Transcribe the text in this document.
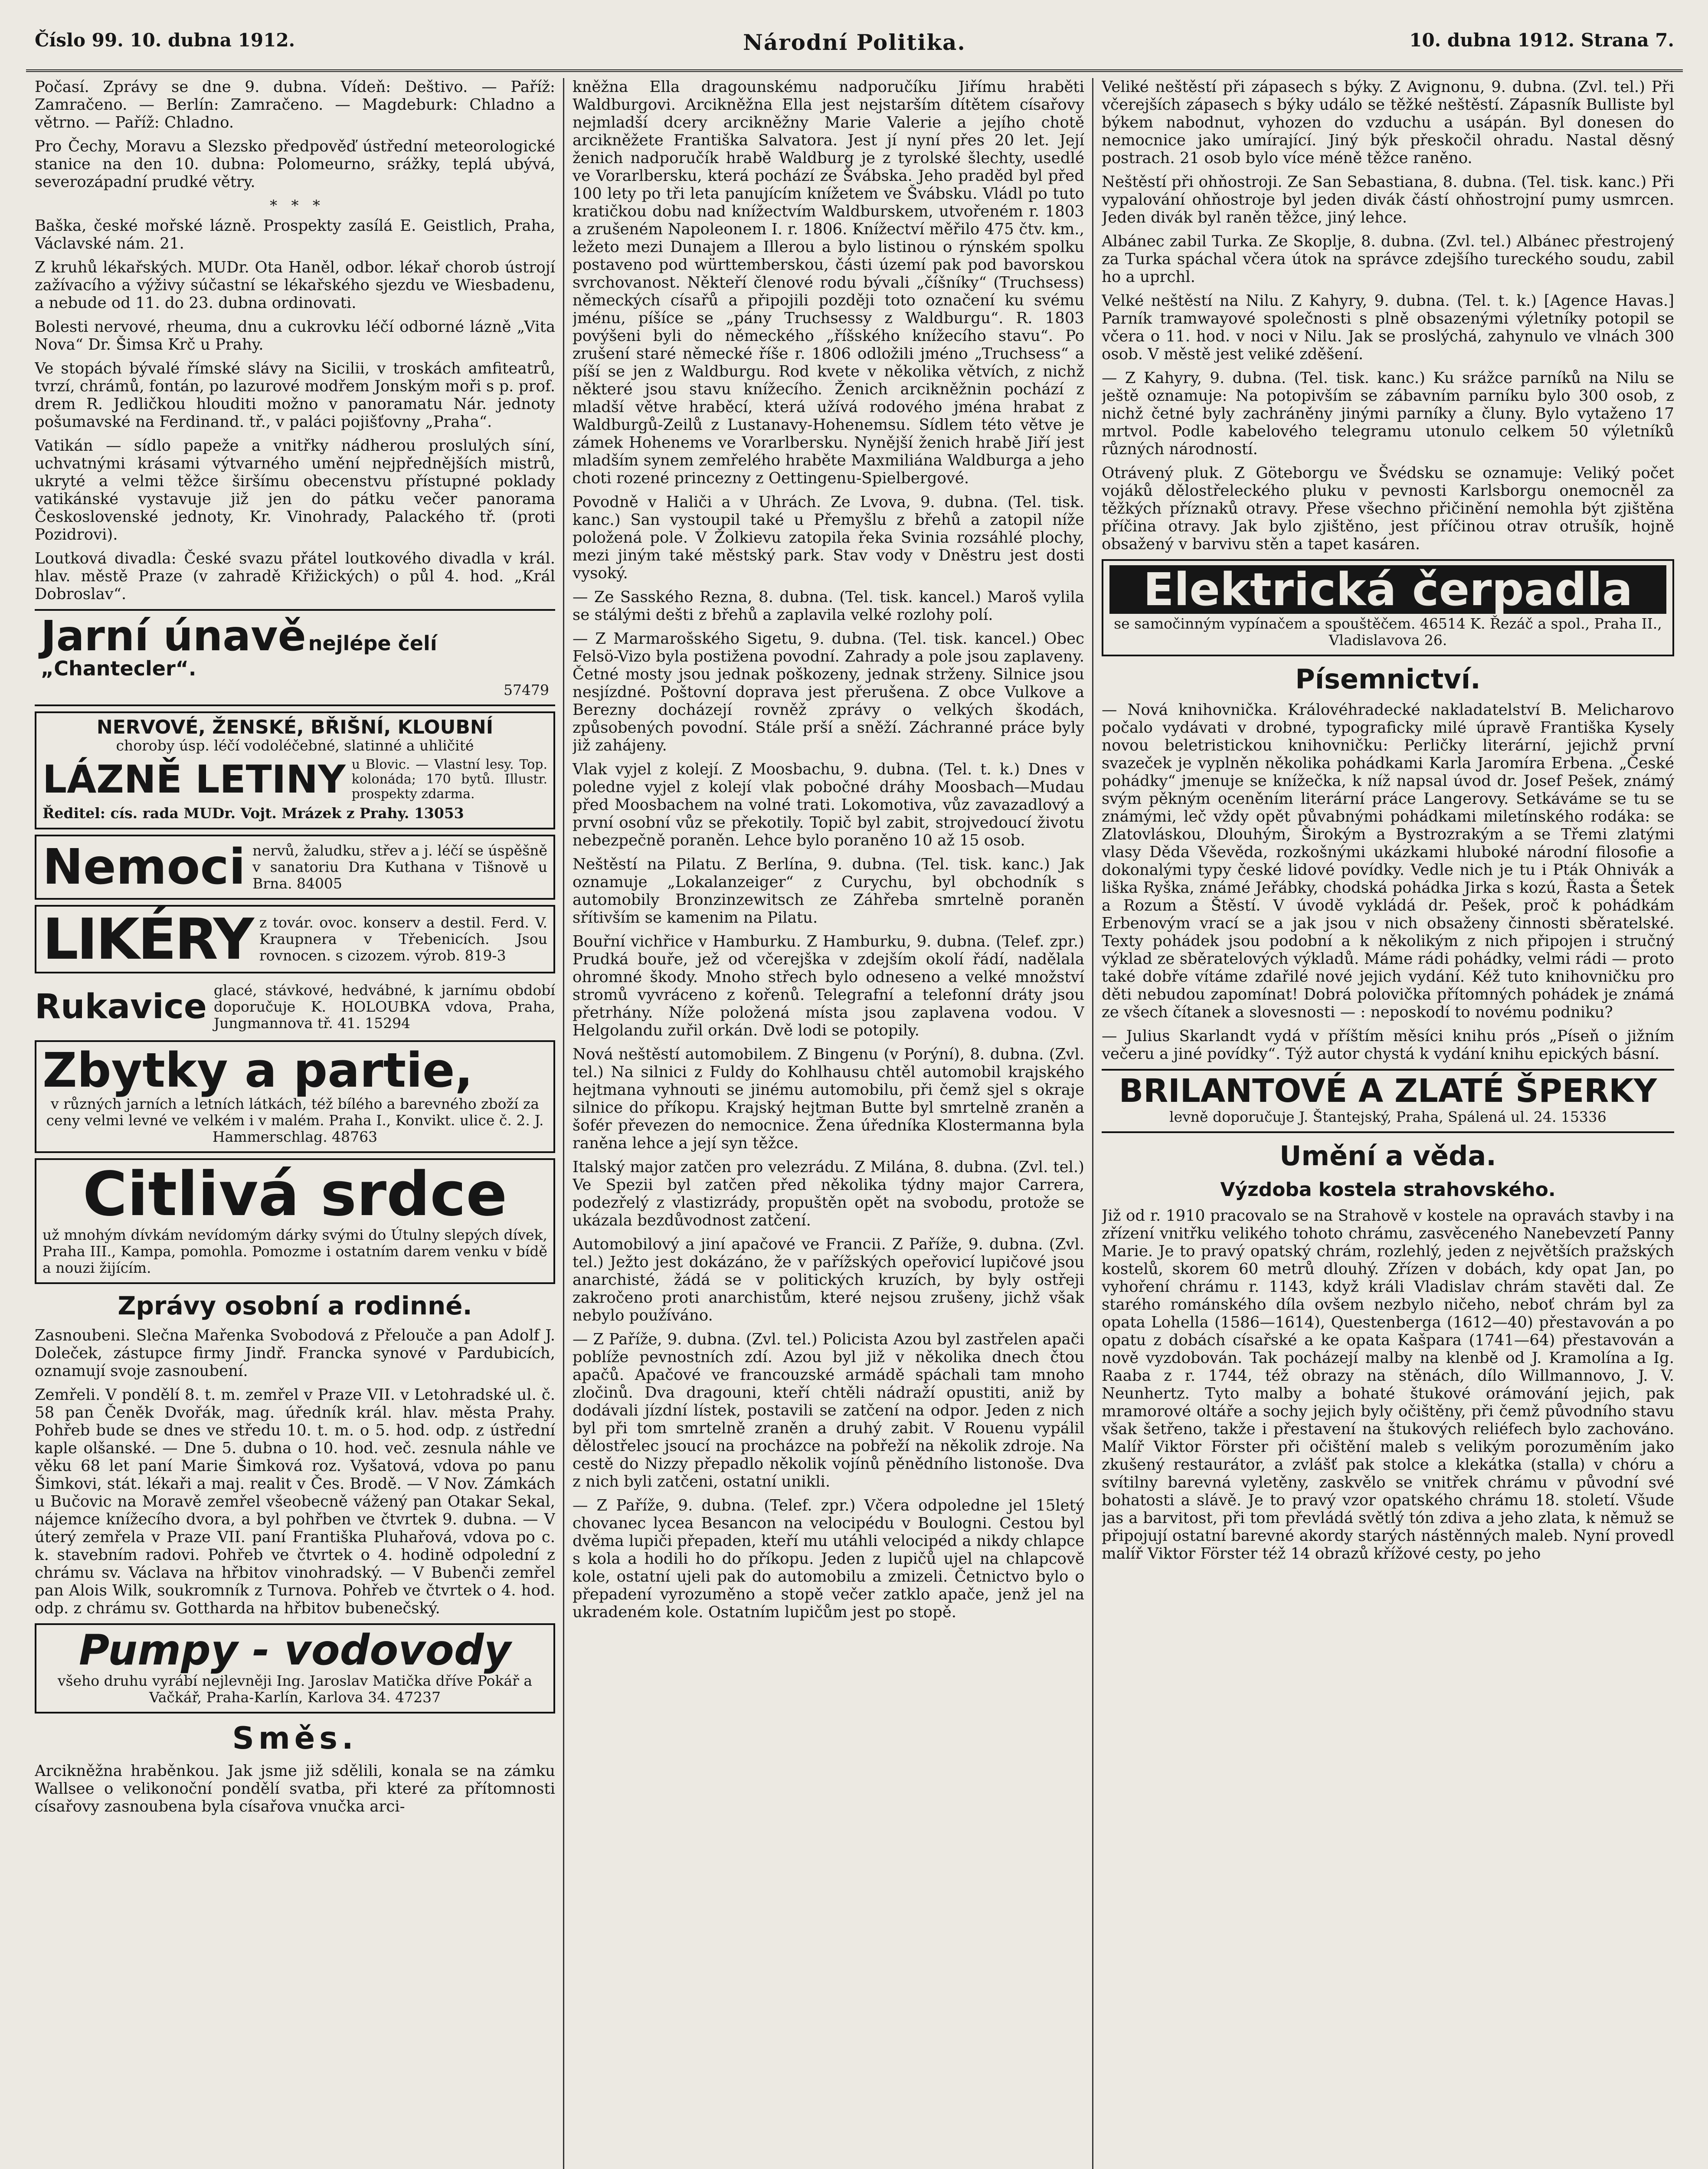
Číslo 99. 10. dubna 1912.	Národní Politika.	10. dubna 1912. Strana 7.

Počasí. Zprávy se dne 9. dubna. Vídeň: Deštivo. — Paříž: Zamračeno. — Berlín: Zamračeno. — Magdeburk: Chladno a větrno. — Paříž: Chladno.

Pro Čechy, Moravu a Slezsko předpověď ústřední meteorologické stanice na den 10. dubna: Polomeurno, srážky, teplá ubývá, severozápadní prudké větry.

*   *   *

Baška, české mořské lázně. Prospekty zasílá E. Geistlich, Praha, Václavské nám. 21.

Z kruhů lékařských. MUDr. Ota Haněl, odbor. lékař chorob ústrojí zažívacího a výživy súčastní se lékařského sjezdu ve Wiesbadenu, a nebude od 11. do 23. dubna ordinovati.

Bolesti nervové, rheuma, dnu a cukrovku léčí odborné lázně „Vita Nova“ Dr. Šimsa Krč u Prahy.

Ve stopách bývalé římské slávy na Sicilii, v troskách amfiteatrů, tvrzí, chrámů, fontán, po lazurové modřem Jonským moři s p. prof. drem R. Jedličkou hlouditi možno v panoramatu Nár. jednoty pošumavské na Ferdinand. tř., v paláci pojišťovny „Praha“.

Vatikán — sídlo papeže a vnitřky nádherou proslulých síní, uchvatnými krásami výtvarného umění nejpřednějších mistrů, ukryté a velmi těžce širšímu obecenstvu přístupné poklady vatikánské vystavuje již jen do pátku večer panorama Československé jednoty, Kr. Vinohrady, Palackého tř. (proti Pozidrovi).

Loutková divadla: České svazu přátel loutkového divadla v král. hlav. městě Praze (v zahradě Křižických) o půl 4. hod. „Král Dobroslav“.

Jarní únavě nejlépe čelí „Chantecler“.

57479

NERVOVÉ, ŽENSKÉ, BŘIŠNÍ, KLOUBNÍ

choroby úsp. léčí vodoléčebné, slatinné a uhličité

LÁZNĚ LETINY u Blovic. — Vlastní lesy. Top. kolonáda; 170 bytů. Illustr. prospekty zdarma.

Ředitel: cís. rada MUDr. Vojt. Mrázek z Prahy. 13053

Nemoci nervů, žaludku, střev a j. léčí se úspěšně v sanatoriu Dra Kuthana v Tišnově u Brna. 84005

LIKÉRY z továr. ovoc. konserv a destil. Ferd. V. Kraupnera v Třebenicích. Jsou rovnocen. s cizozem. výrob. 819-3

Rukavice glacé, stávkové, hedvábné, k jarnímu období doporučuje K. HOLOUBKA vdova, Praha, Jungmannova tř. 41. 15294

Zbytky a partie,

v různých jarních a letních látkách, též bílého a barevného zboží za ceny velmi levné ve velkém i v malém. Praha I., Konvikt. ulice č. 2. J. Hammerschlag. 48763

Citlivá srdce

už mnohým dívkám nevídomým dárky svými do Útulny slepých dívek, Praha III., Kampa, pomohla. Pomozme i ostatním darem venku v bídě a nouzi žijícím.

Zprávy osobní a rodinné.

Zasnoubeni. Slečna Mařenka Svobodová z Přelouče a pan Adolf J. Doleček, zástupce firmy Jindř. Francka synové v Pardubicích, oznamují svoje zasnoubení.

Zemřeli. V pondělí 8. t. m. zemřel v Praze VII. v Letohradské ul. č. 58 pan Čeněk Dvořák, mag. úředník král. hlav. města Prahy. Pohřeb bude se dnes ve středu 10. t. m. o 5. hod. odp. z ústřední kaple olšanské. — Dne 5. dubna o 10. hod. več. zesnula náhle ve věku 68 let paní Marie Šimková roz. Vyšatová, vdova po panu Šimkovi, stát. lékaři a maj. realit v Čes. Brodě. — V Nov. Zámkách u Bučovic na Moravě zemřel všeobecně vážený pan Otakar Sekal, nájemce knížecího dvora, a byl pohřben ve čtvrtek 9. dubna. — V úterý zemřela v Praze VII. paní Františka Pluhařová, vdova po c. k. stavebním radovi. Pohřeb ve čtvrtek o 4. hodině odpolední z chrámu sv. Václava na hřbitov vinohradský. — V Bubenči zemřel pan Alois Wilk, soukromník z Turnova. Pohřeb ve čtvrtek o 4. hod. odp. z chrámu sv. Gottharda na hřbitov bubenečský.

Pumpy - vodovody

všeho druhu vyrábí nejlevněji Ing. Jaroslav Matička dříve Pokář a Vačkář, Praha-Karlín, Karlova 34. 47237

Směs.

Arcikněžna hraběnkou. Jak jsme již sdělili, konala se na zámku Wallsee o velikonoční pondělí svatba, při které za přítomnosti císařovy zasnoubena byla císařova vnučka arci-

kněžna Ella dragounskému nadporučíku Jiřímu hraběti Waldburgovi. Arcikněžna Ella jest nejstarším dítětem císařovy nejmladší dcery arcikněžny Marie Valerie a jejího chotě arcikněžete Františka Salvatora. Jest jí nyní přes 20 let. Její ženich nadporučík hrabě Waldburg je z tyrolské šlechty, usedlé ve Vorarlbersku, která pochází ze Švábska. Jeho praděd byl před 100 lety po tři leta panujícím knížetem ve Švábsku. Vládl po tuto kratičkou dobu nad knížectvím Waldburskem, utvořeném r. 1803 a zrušeném Napoleonem I. r. 1806. Knížectví měřilo 475 čtv. km., ležeto mezi Dunajem a Illerou a bylo listinou o rýnském spolku postaveno pod württemberskou, části území pak pod bavorskou svrchovanost. Někteří členové rodu bývali „číšníky“ (Truchsess) německých císařů a připojili později toto označení ku svému jménu, píšíce se „pány Truchsessy z Waldburgu“. R. 1803 povýšeni byli do německého „říšského knížecího stavu“. Po zrušení staré německé říše r. 1806 odložili jméno „Truchsess“ a píší se jen z Waldburgu. Rod kvete v několika větvích, z nichž některé jsou stavu knížecího. Ženich arcikněžnin pochází z mladší větve hraběcí, která užívá rodového jména hrabat z Waldburgů-Zeilů z Lustanavy-Hohenemsu. Sídlem této větve je zámek Hohenems ve Vorarlbersku. Nynější ženich hrabě Jiří jest mladším synem zemřelého hraběte Maxmiliána Waldburga a jeho choti rozené princezny z Oettingenu-Spielbergové.

Povodně v Haliči a v Uhrách. Ze Lvova, 9. dubna. (Tel. tisk. kanc.) San vystoupil také u Přemyšlu z břehů a zatopil níže položená pole. V Žolkievu zatopila řeka Svinia rozsáhlé plochy, mezi jiným také městský park. Stav vody v Dněstru jest dosti vysoký.

— Ze Sasského Rezna, 8. dubna. (Tel. tisk. kancel.) Maroš vylila se stálými dešti z břehů a zaplavila velké rozlohy polí.

— Z Marmarošského Sigetu, 9. dubna. (Tel. tisk. kancel.) Obec Felsö-Vizo byla postižena povodní. Zahrady a pole jsou zaplaveny. Četné mosty jsou jednak poškozeny, jednak strženy. Silnice jsou nesjízdné. Poštovní doprava jest přerušena. Z obce Vulkove a Berezny docházejí rovněž zprávy o velkých škodách, způsobených povodní. Stále prší a sněží. Záchranné práce byly již zahájeny.

Vlak vyjel z kolejí. Z Moosbachu, 9. dubna. (Tel. t. k.) Dnes v poledne vyjel z kolejí vlak pobočné dráhy Moosbach—Mudau před Moosbachem na volné trati. Lokomotiva, vůz zavazadlový a první osobní vůz se překotily. Topič byl zabit, strojvedoucí životu nebezpečně poraněn. Lehce bylo poraněno 10 až 15 osob.

Neštěstí na Pilatu. Z Berlína, 9. dubna. (Tel. tisk. kanc.) Jak oznamuje „Lokalanzeiger“ z Curychu, byl obchodník s automobily Bronzinzewitsch ze Záhřeba smrtelně poraněn sřítivším se kamenim na Pilatu.

Bouřní vichřice v Hamburku. Z Hamburku, 9. dubna. (Telef. zpr.) Prudká bouře, jež od včerejška v zdejším okolí řádí, nadělala ohromné škody. Mnoho střech bylo odneseno a velké množství stromů vyvráceno z kořenů. Telegrafní a telefonní dráty jsou přetrhány. Níže položená místa jsou zaplavena vodou. V Helgolandu zuřil orkán. Dvě lodi se potopily.

Nová neštěstí automobilem. Z Bingenu (v Porýní), 8. dubna. (Zvl. tel.) Na silnici z Fuldy do Kohlhausu chtěl automobil krajského hejtmana vyhnouti se jinému automobilu, při čemž sjel s okraje silnice do příkopu. Krajský hejtman Butte byl smrtelně zraněn a šofér převezen do nemocnice. Žena úředníka Klostermanna byla raněna lehce a její syn těžce.

Italský major zatčen pro velezrádu. Z Milána, 8. dubna. (Zvl. tel.) Ve Spezii byl zatčen před několika týdny major Carrera, podezřelý z vlastizrády, propuštěn opět na svobodu, protože se ukázala bezdůvodnost zatčení.

Automobilový a jiní apačové ve Francii. Z Paříže, 9. dubna. (Zvl. tel.) Ježto jest dokázáno, že v pařížských opeřovicí lupičové jsou anarchisté, žádá se v politických kruzích, by byly ostřeji zakročeno proti anarchistům, které nejsou zrušeny, jichž však nebylo používáno.

— Z Paříže, 9. dubna. (Zvl. tel.) Policista Azou byl zastřelen apači poblíže pevnostních zdí. Azou byl již v několika dnech čtou apačů. Apačové ve francouzské armádě spáchali tam mnoho zločinů. Dva dragouni, kteří chtěli nádraží opustiti, aniž by dodávali jízdní lístek, postavili se zatčení na odpor. Jeden z nich byl při tom smrtelně zraněn a druhý zabit. V Rouenu vypálil dělostřelec jsoucí na procházce na pobřeží na několik zdroje. Na cestě do Nizzy přepadlo několik vojínů pěnědního listonoše. Dva z nich byli zatčeni, ostatní unikli.

— Z Paříže, 9. dubna. (Telef. zpr.) Včera odpoledne jel 15letý chovanec lycea Besancon na velocipédu v Boulogni. Cestou byl dvěma lupiči přepaden, kteří mu utáhli velocipéd a nikdy chlapce s kola a hodili ho do příkopu. Jeden z lupičů ujel na chlapcově kole, ostatní ujeli pak do automobilu a zmizeli. Četnictvo bylo o přepadení vyrozuměno a stopě večer zatklo apače, jenž jel na ukradeném kole. Ostatním lupičům jest po stopě.

Veliké neštěstí při zápasech s býky. Z Avignonu, 9. dubna. (Zvl. tel.) Při včerejších zápasech s býky událo se těžké neštěstí. Zápasník Bulliste byl býkem nabodnut, vyhozen do vzduchu a usápán. Byl donesen do nemocnice jako umírající. Jiný býk přeskočil ohradu. Nastal děsný postrach. 21 osob bylo více méně těžce raněno.

Neštěstí při ohňostroji. Ze San Sebastiana, 8. dubna. (Tel. tisk. kanc.) Při vypalování ohňostroje byl jeden divák částí ohňostrojní pumy usmrcen. Jeden divák byl raněn těžce, jiný lehce.

Albánec zabil Turka. Ze Skoplje, 8. dubna. (Zvl. tel.) Albánec přestrojený za Turka spáchal včera útok na správce zdejšího tureckého soudu, zabil ho a uprchl.

Velké neštěstí na Nilu. Z Kahyry, 9. dubna. (Tel. t. k.) [Agence Havas.] Parník tramwayové společnosti s plně obsazenými výletníky potopil se včera o 11. hod. v noci v Nilu. Jak se proslýchá, zahynulo ve vlnách 300 osob. V městě jest veliké zděšení.

— Z Kahyry, 9. dubna. (Tel. tisk. kanc.) Ku srážce parníků na Nilu se ještě oznamuje: Na potopivším se zábavním parníku bylo 300 osob, z nichž četné byly zachráněny jinými parníky a čluny. Bylo vytaženo 17 mrtvol. Podle kabelového telegramu utonulo celkem 50 výletníků různých národností.

Otrávený pluk. Z Göteborgu ve Švédsku se oznamuje: Veliký počet vojáků dělostřeleckého pluku v pevnosti Karlsborgu onemocněl za těžkých příznaků otravy. Přese všechno přičinění nemohla být zjištěna příčina otravy. Jak bylo zjištěno, jest příčinou otrav otrušík, hojně obsažený v barvivu stěn a tapet kasáren.

Elektrická čerpadla

se samočinným vypínačem a spouštěčem. 46514 K. Řezáč a spol., Praha II., Vladislavova 26.

Písemnictví.

— Nová knihovnička. Královéhradecké nakladatelství B. Melicharovo počalo vydávati v drobné, typograficky milé úpravě Františka Kysely novou beletristickou knihovničku: Perličky literární, jejichž první svazeček je vyplněn několika pohádkami Karla Jaromíra Erbena. „České pohádky“ jmenuje se knížečka, k níž napsal úvod dr. Josef Pešek, známý svým pěkným oceněním literární práce Langerovy. Setkáváme se tu se známými, leč vždy opět půvabnými pohádkami miletínského rodáka: se Zlatovláskou, Dlouhým, Širokým a Bystrozrakým a se Třemi zlatými vlasy Děda Vševěda, rozkošnými ukázkami hluboké národní filosofie a dokonalými typy české lidové povídky. Vedle nich je tu i Pták Ohnivák a liška Ryška, známé Jeřábky, chodská pohádka Jirka s kozú, Řasta a Šetek a Rozum a Štěstí. V úvodě vykládá dr. Pešek, proč k pohádkám Erbenovým vrací se a jak jsou v nich obsaženy činnosti sběratelské. Texty pohádek jsou podobní a k několikým z nich připojen i stručný výklad ze sběratelových výkladů. Máme rádi pohádky, velmi rádi — proto také dobře vítáme zdařilé nové jejich vydání. Kéž tuto knihovničku pro děti nebudou zapomínat! Dobrá polovička přítomných pohádek je známá ze všech čítanek a slovesnosti — : neposkodí to novému podniku?

— Julius Skarlandt vydá v příštím měsíci knihu prós „Píseň o jižním večeru a jiné povídky“. Týž autor chystá k vydání knihu epických básní.

BRILANTOVÉ A ZLATÉ ŠPERKY

levně doporučuje J. Štantejský, Praha, Spálená ul. 24. 15336

Umění a věda.
Výzdoba kostela strahovského.

Již od r. 1910 pracovalo se na Strahově v kostele na opravách stavby i na zřízení vnitřku velikého tohoto chrámu, zasvěceného Nanebevzetí Panny Marie. Je to pravý opatský chrám, rozlehlý, jeden z největších pražských kostelů, skorem 60 metrů dlouhý. Zřízen v dobách, kdy opat Jan, po vyhoření chrámu r. 1143, když králi Vladislav chrám stavěti dal. Ze starého románského díla ovšem nezbylo ničeho, neboť chrám byl za opata Lohella (1586—1614), Questenberga (1612—40) přestavován a po opatu z dobách císařské a ke opata Kašpara (1741—64) přestavován a nově vyzdobován. Tak pocházejí malby na klenbě od J. Kramolína a Ig. Raaba z r. 1744, též obrazy na stěnách, dílo Willmannovo, J. V. Neunhertz. Tyto malby a bohaté štukové orámování jejich, pak mramorové oltáře a sochy jejich byly očištěny, při čemž původního stavu však šetřeno, takže i přestavení na štukových reliéfech bylo zachováno. Malíř Viktor Förster při očištění maleb s velikým porozuměním jako zkušený restaurátor, a zvlášť pak stolce a klekátka (stalla) v chóru a svítilny barevná vyletěny, zaskvělo se vnitřek chrámu v původní své bohatosti a slávě. Je to pravý vzor opatského chrámu 18. století. Všude jas a barvitost, při tom převládá světlý tón zdiva a jeho zlata, k němuž se připojují ostatní barevné akordy starých nástěnných maleb. Nyní provedl malíř Viktor Förster též 14 obrazů křížové cesty, po jeho
